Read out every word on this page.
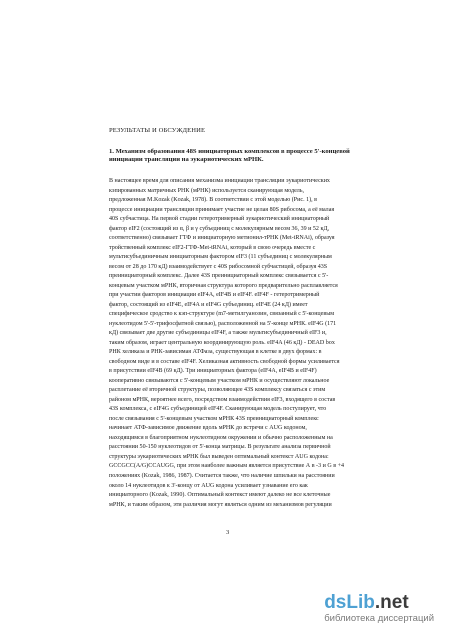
РЕЗУЛЬТАТЫ И ОБСУЖДЕНИЕ
1. Механизм образования 48S инициаторных комплексов в процессе 5'-концевой инициации трансляции на эукариотических мРНК.
В настоящее время для описания механизма инициации трансляции эукариотических
кэпированных матричных РНК (мРНК) используется сканирующая модель,
предложенная М.Kozak (Kozak, 1978). В соответствии с этой моделью (Рис. 1), в
процессе инициации трансляции принимает участие не целая 80S рибосома, а её малая
40S субчастица. На первой стадии гетеротримерный эукариотический инициаторный
фактор eIF2 (состоящий из α, β и γ субъединиц с молекулярным весом 36, 39 и 52 кД,
соответственно) связывает ГТФ и инициаторную метионил-тРНК (Met-tRNAi), образуя
тройственный комплекс eIF2-ГТФ-Met-tRNAi, который в свою очередь вместе с
мультисубъединичным инициаторным фактором eIF3 (11 субъединиц с молекулярным
весом от 28 до 170 кД) взаимодействует с 40S рибосомной субчастицей, образуя 43S
преинициаторный комплекс. Далее 43S преинициаторный комплекс связывается с 5'-
концевым участком мРНК, вторичная структура которого предварительно расплавляется
при участии факторов инициации eIF4A, eIF4B и eIF4F. eIF4F - гетеротримерный
фактор, состоящий из eIF4E, eIF4A и eIF4G субъединиц. eIF4E (24 кД) имеет
специфическое сродство к кэп-структуре (m7-метилгуанозин, связанный с 5'-концевым
нуклеотидом 5'-5'-трифосфатной связью), расположенной на 5'-конце мРНК. eIF4G (171
кД) связывает две другие субъединицы eIF4F, а также мультисубъединичный eIF3 и,
таким образом, играет центральную координирующую роль. eIF4A (46 кД) - DEAD box
РНК хеликаза и РНК-зависимая АТФаза, существующая в клетке в двух формах: в
свободном виде и в составе eIF4F. Хеликазная активность свободной формы усиливается
в присутствии eIF4B (69 кД). Три инициаторных фактора (eIF4A, eIF4B и eIF4F)
кооперативно связываются с 5'-концевым участком мРНК и осуществляют локальное
расплетание её вторичной структуры, позволяющее 43S комплексу связаться с этим
районом мРНК, вероятнее всего, посредством взаимодействия eIF3, входящего в состав
43S комплекса, с eIF4G субъединицей eIF4F. Сканирующая модель постулирует, что
после связывания с 5'-концевым участком мРНК 43S преинициаторный комплекс
начинает АТФ-зависимое движение вдоль мРНК до встречи с AUG кодоном,
находящимся в благоприятном нуклеотидном окружении и обычно расположенным на
расстоянии 50-150 нуклеотидов от 5'-конца матрицы. В результате анализа первичной
структуры эукариотических мРНК был выведен оптимальный контекст AUG кодона:
GCCGCC(A/G)CCAUGG, при этом наиболее важным является присутствие А в -3 и G в +4
положениях (Kozak, 1986, 1987). Считается также, что наличие шпильки на расстоянии
около 14 нуклеотидов к 3'-концу от AUG кодона усиливает узнавание его как
инициаторного (Kozak, 1990). Оптимальный контекст имеют далеко не все клеточные
мРНК, и таким образом, эти различия могут являться одним из механизмов регуляции
3
dsLib.net
библиотека диссертаций
